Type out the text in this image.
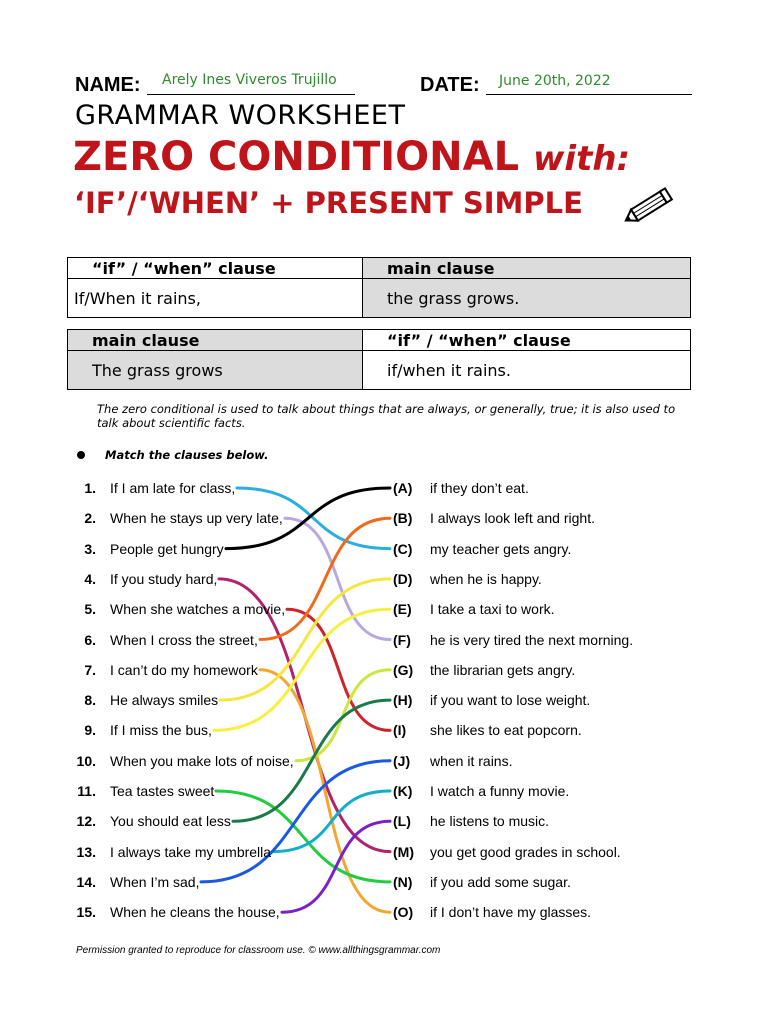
NAME: Arely Ines Viveros Trujillo	DATE: June 20th, 2022
GRAMMAR WORKSHEET
ZERO CONDITIONAL with:
‘IF’/‘WHEN’ + PRESENT SIMPLE
“if” / “when” clause	main clause
If/When it rains,	the grass grows.
main clause	“if” / “when” clause
The grass grows	if/when it rains.
The zero conditional is used to talk about things that are always, or generally, true; it is also used to talk about scientific facts.
Match the clauses below.
1. If I am late for class,	(A) if they don’t eat.
2. When he stays up very late,	(B) I always look left and right.
3. People get hungry	(C) my teacher gets angry.
4. If you study hard,	(D) when he is happy.
5. When she watches a movie,	(E) I take a taxi to work.
6. When I cross the street,	(F) he is very tired the next morning.
7. I can’t do my homework	(G) the librarian gets angry.
8. He always smiles	(H) if you want to lose weight.
9. If I miss the bus,	(I) she likes to eat popcorn.
10. When you make lots of noise,	(J) when it rains.
11. Tea tastes sweet	(K) I watch a funny movie.
12. You should eat less	(L) he listens to music.
13. I always take my umbrella	(M) you get good grades in school.
14. When I’m sad,	(N) if you add some sugar.
15. When he cleans the house,	(O) if I don’t have my glasses.
Permission granted to reproduce for classroom use. © www.allthingsgrammar.com
